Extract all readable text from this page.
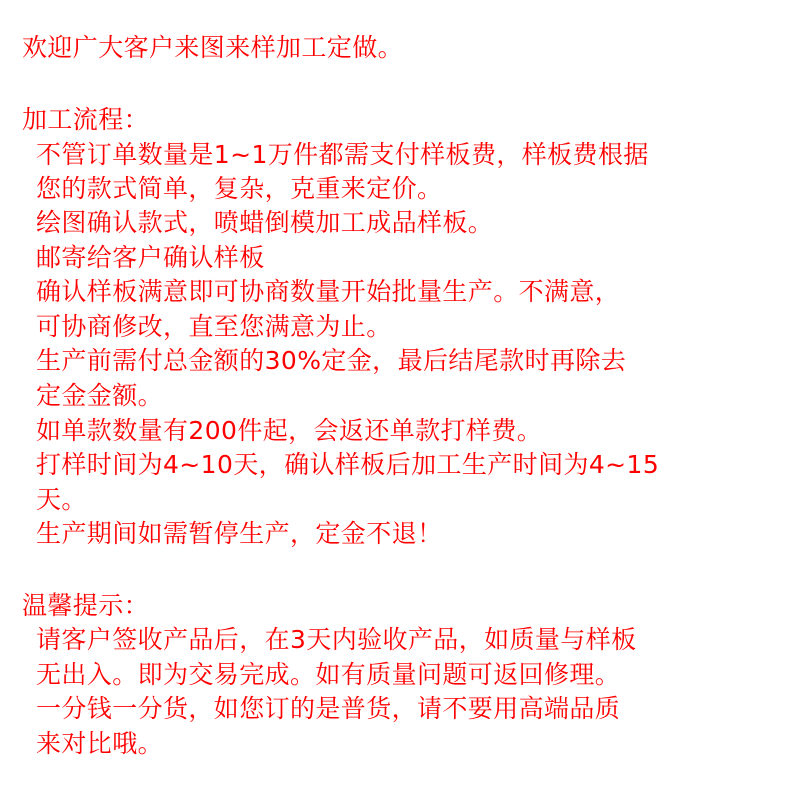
欢迎广大客户来图来样加工定做。
加工流程：
不管订单数量是1~1万件都需支付样板费，样板费根据
您的款式简单，复杂，克重来定价。
绘图确认款式，喷蜡倒模加工成品样板。
邮寄给客户确认样板
确认样板满意即可协商数量开始批量生产。不满意，
可协商修改，直至您满意为止。
生产前需付总金额的30%定金，最后结尾款时再除去
定金金额。
如单款数量有200件起，会返还单款打样费。
打样时间为4~10天，确认样板后加工生产时间为4~15
天。
生产期间如需暂停生产，定金不退！
温馨提示：
请客户签收产品后，在3天内验收产品，如质量与样板
无出入。即为交易完成。如有质量问题可返回修理。
一分钱一分货，如您订的是普货，请不要用高端品质
来对比哦。
